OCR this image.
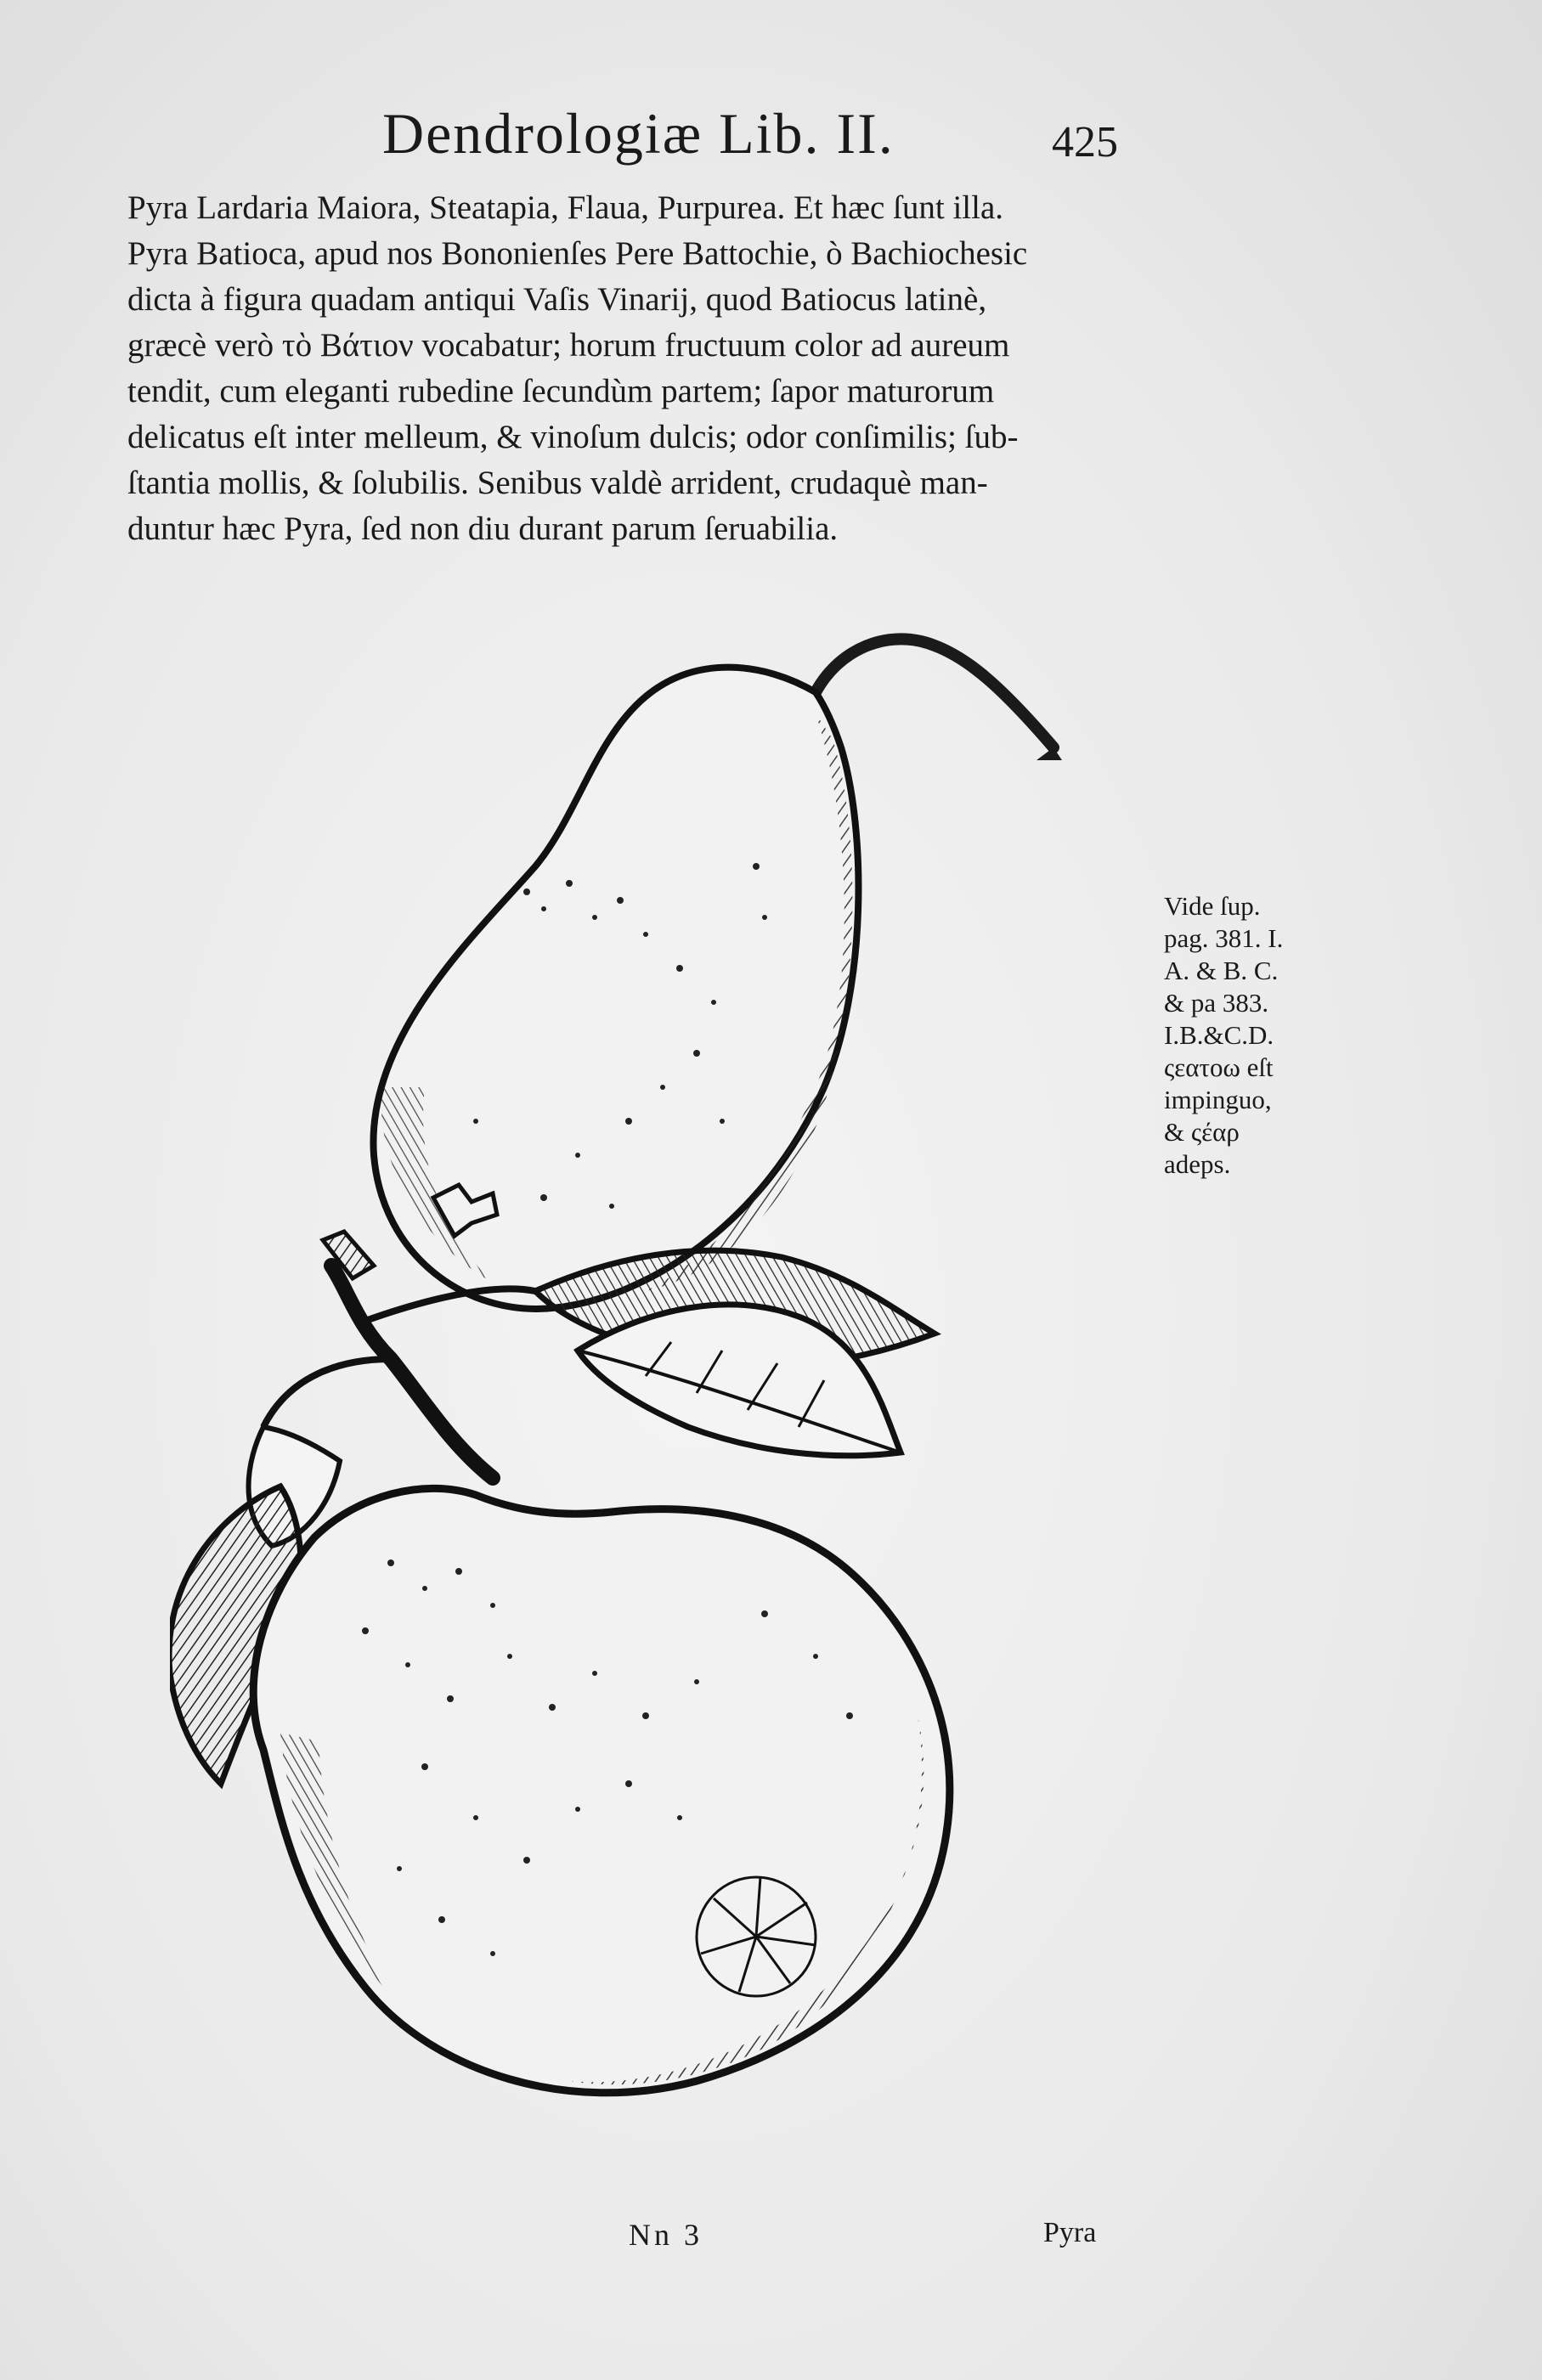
Dendrologiæ Lib. II.	425
Pyra Lardaria Maiora, Steatapia, Flaua, Purpurea. Et hæc ſunt illa.
Pyra Batioca, apud nos Bononienſes Pere Battochie, ò Bachiochesic
dicta à figura quadam antiqui Vaſis Vinarij, quod Batiocus latinè,
græcè verò τὸ Βάτιον vocabatur; horum fructuum color ad aureum
tendit, cum eleganti rubedine ſecundùm partem; ſapor maturorum
delicatus eſt inter melleum, & vinoſum dulcis; odor conſimilis; ſub-
ſtantia mollis, & ſolubilis. Senibus valdè arrident, crudaquè man-
duntur hæc Pyra, ſed non diu durant parum ſeruabilia.
Vide ſup.
pag. 381. I.
A. & B. C.
& pa 383.
I.B.&C.D.
ςεατοω eſt
impinguo,
& ςέαρ
adeps.
Nn 3	Pyra
